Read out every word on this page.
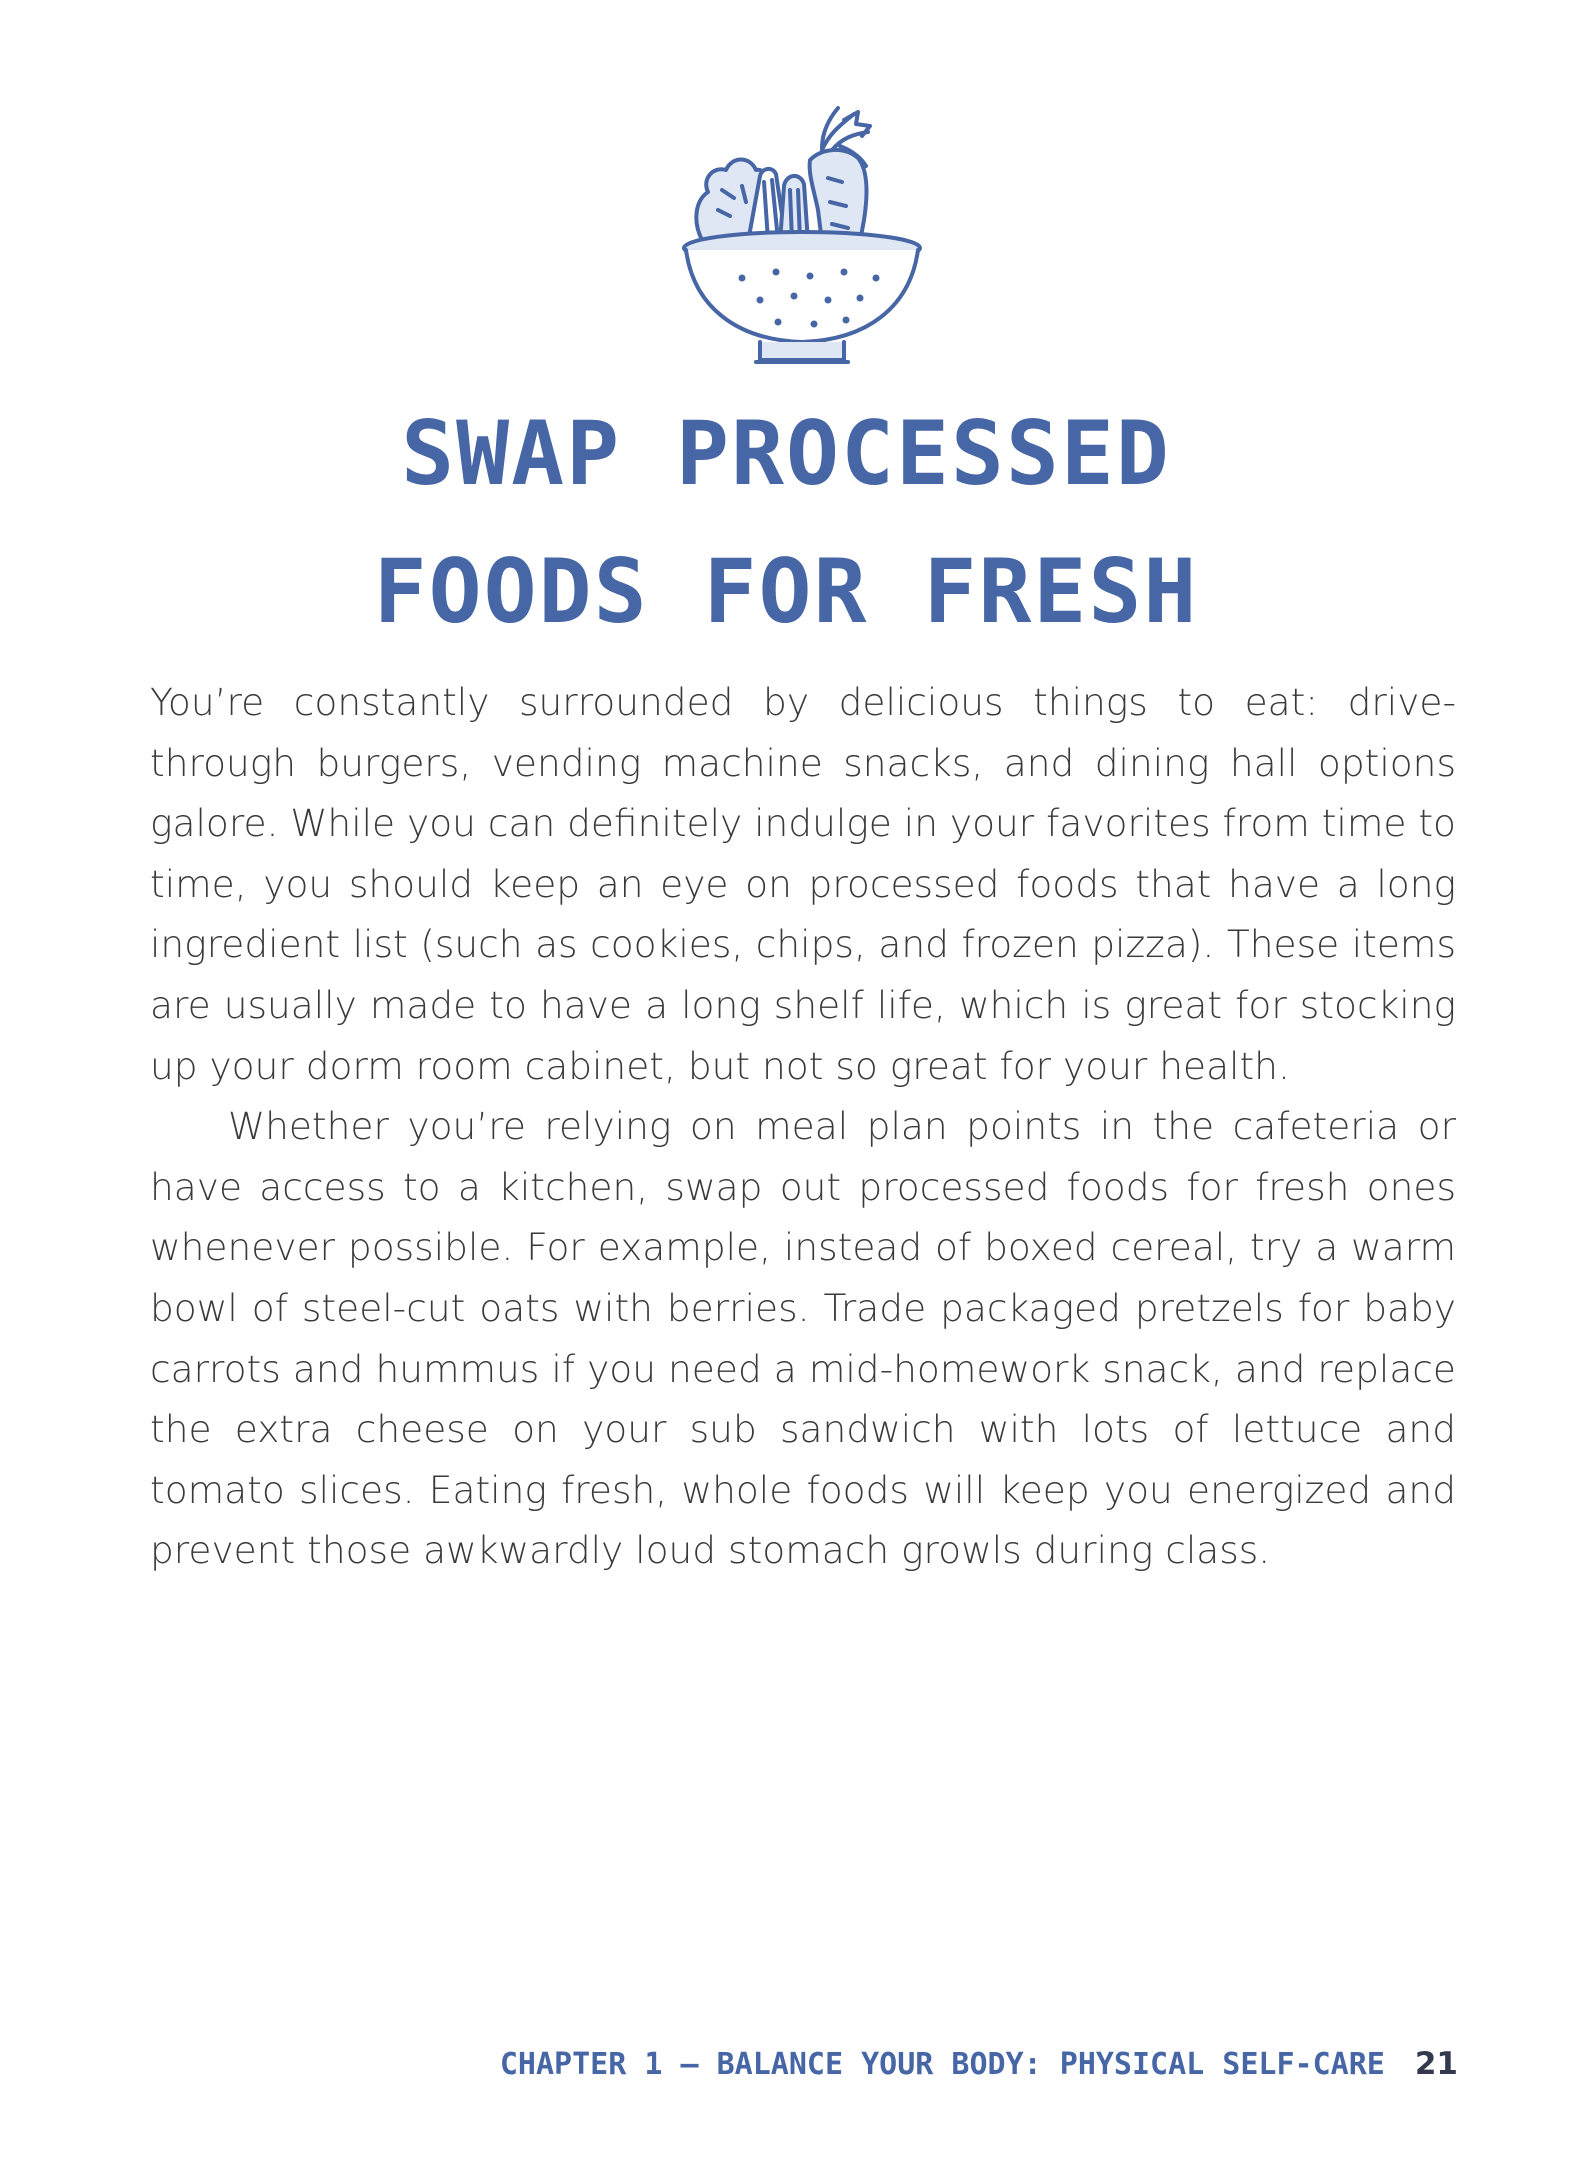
SWAP PROCESSED
FOODS FOR FRESH

You’re constantly surrounded by delicious things to eat: drive-through burgers, vending machine snacks, and dining hall options galore. While you can definitely indulge in your favorites from time to time, you should keep an eye on processed foods that have a long ingredient list (such as cookies, chips, and frozen pizza). These items are usually made to have a long shelf life, which is great for stocking up your dorm room cabinet, but not so great for your health.

Whether you’re relying on meal plan points in the cafeteria or have access to a kitchen, swap out processed foods for fresh ones whenever possible. For example, instead of boxed cereal, try a warm bowl of steel-cut oats with berries. Trade packaged pretzels for baby carrots and hummus if you need a mid-homework snack, and replace the extra cheese on your sub sandwich with lots of lettuce and tomato slices. Eating fresh, whole foods will keep you energized and prevent those awkwardly loud stomach growls during class.

CHAPTER 1 – BALANCE YOUR BODY: PHYSICAL SELF-CARE 21
